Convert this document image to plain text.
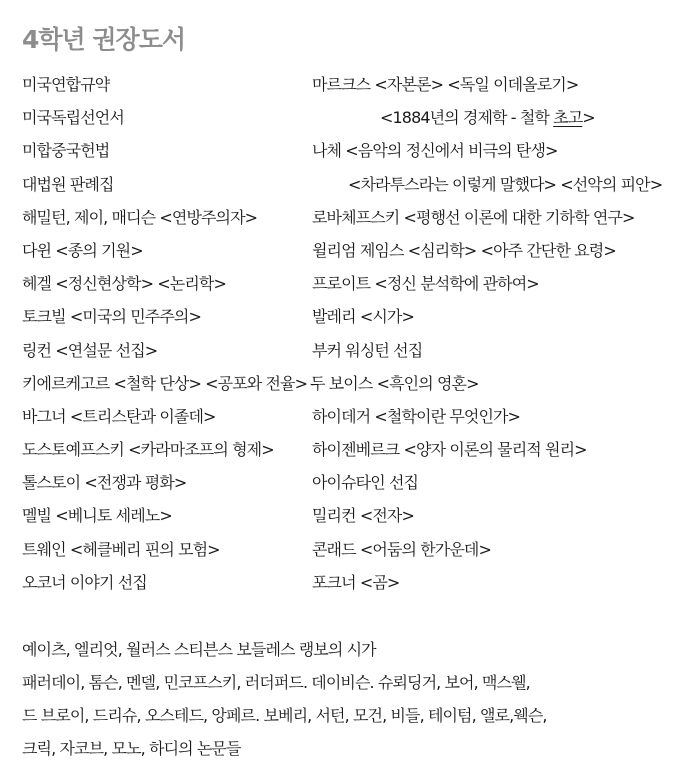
4학년 권장도서
미국연합규약
미국독립선언서
미합중국헌법
대법원 판례집
해밀턴, 제이, 매디슨 <연방주의자>
다윈 <종의 기원>
헤겔 <정신현상학> <논리학>
토크빌 <미국의 민주주의>
링컨 <연설문 선집>
키에르케고르 <철학 단상> <공포와 전율>
바그너 <트리스탄과 이졸데>
도스토예프스키 <카라마조프의 형제>
톨스토이 <전쟁과 평화>
멜빌 <베니토 세레노>
트웨인 <헤클베리 핀의 모험>
오코너 이야기 선집
마르크스 <자본론> <독일 이데올로기>
<1884년의 경제학 - 철학 초고>
나체 <음악의 정신에서 비극의 탄생>
<차라투스라는 이렇게 말했다> <선악의 피안>
로바체프스키 <평행선 이론에 대한 기하학 연구>
윌리엄 제임스 <심리학> <아주 간단한 요령>
프로이트 <정신 분석학에 관하여>
발레리 <시가>
부커 워싱턴 선집
두 보이스 <흑인의 영혼>
하이데거 <철학이란 무엇인가>
하이젠베르크 <양자 이론의 물리적 원리>
아이슈타인 선집
밀리컨 <전자>
콘래드 <어둠의 한가운데>
포크너 <곰>
예이츠, 엘리엇, 월러스 스티븐스 보들레스 랭보의 시가
패러데이, 톰슨, 멘델, 민코프스키, 러더퍼드. 데이비슨. 슈뢰딩거, 보어, 맥스웰,
드 브로이, 드리슈, 오스테드, 앙페르. 보베리, 서턴, 모건, 비들, 테이텀, 앨로,웩슨,
크릭, 자코브, 모노, 하디의 논문들
